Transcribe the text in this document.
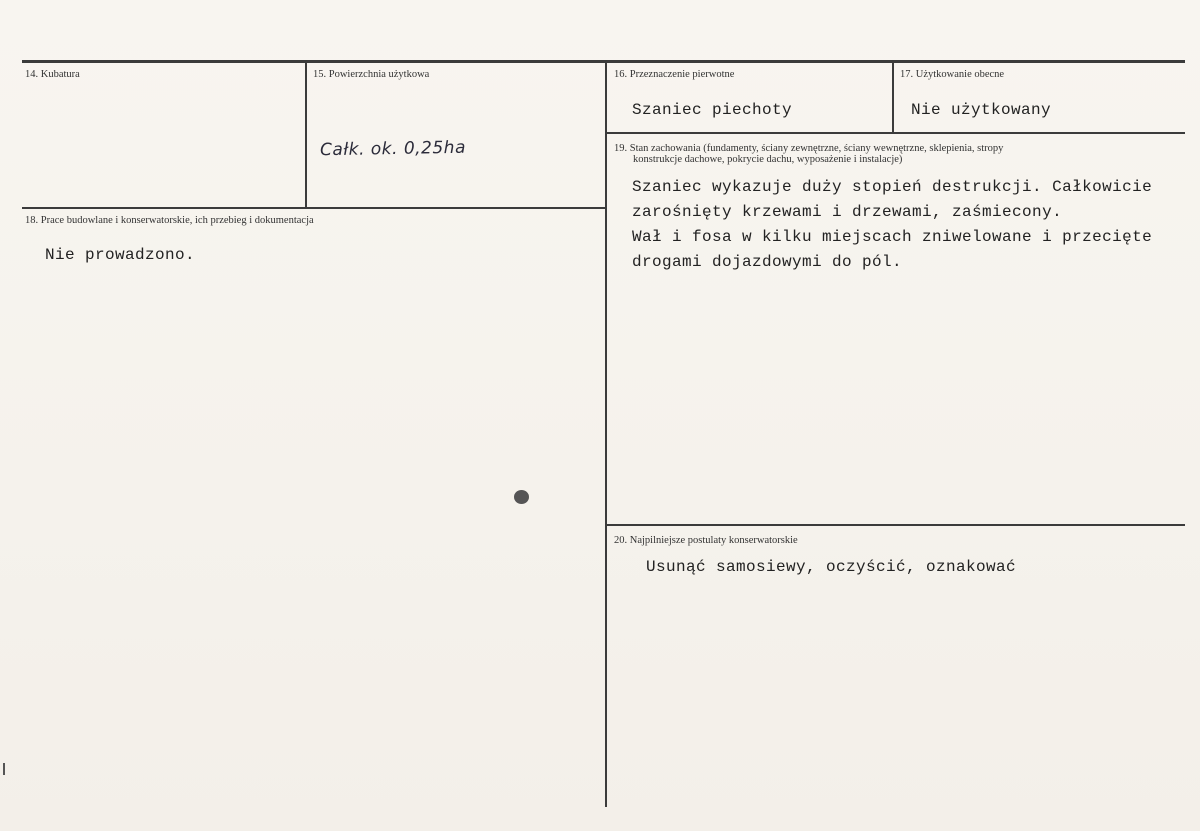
14. Kubatura	15. Powierzchnia użytkowa
Całk. ok. 0,25ha
16. Przeznaczenie pierwotne
Szaniec piechoty
17. Użytkowanie obecne
Nie użytkowany
18. Prace budowlane i konserwatorskie, ich przebieg i dokumentacja
Nie prowadzono.
19. Stan zachowania (fundamenty, ściany zewnętrzne, ściany wewnętrzne, sklepienia, stropy
konstrukcje dachowe, pokrycie dachu, wyposażenie i instalacje)
Szaniec wykazuje duży stopień destrukcji. Całkowicie
zarośnięty krzewami i drzewami, zaśmiecony.
Wał i fosa w kilku miejscach zniwelowane i przecięte
drogami dojazdowymi do pól.
20. Najpilniejsze postulaty konserwatorskie
Usunąć samosiewy, oczyścić, oznakować
